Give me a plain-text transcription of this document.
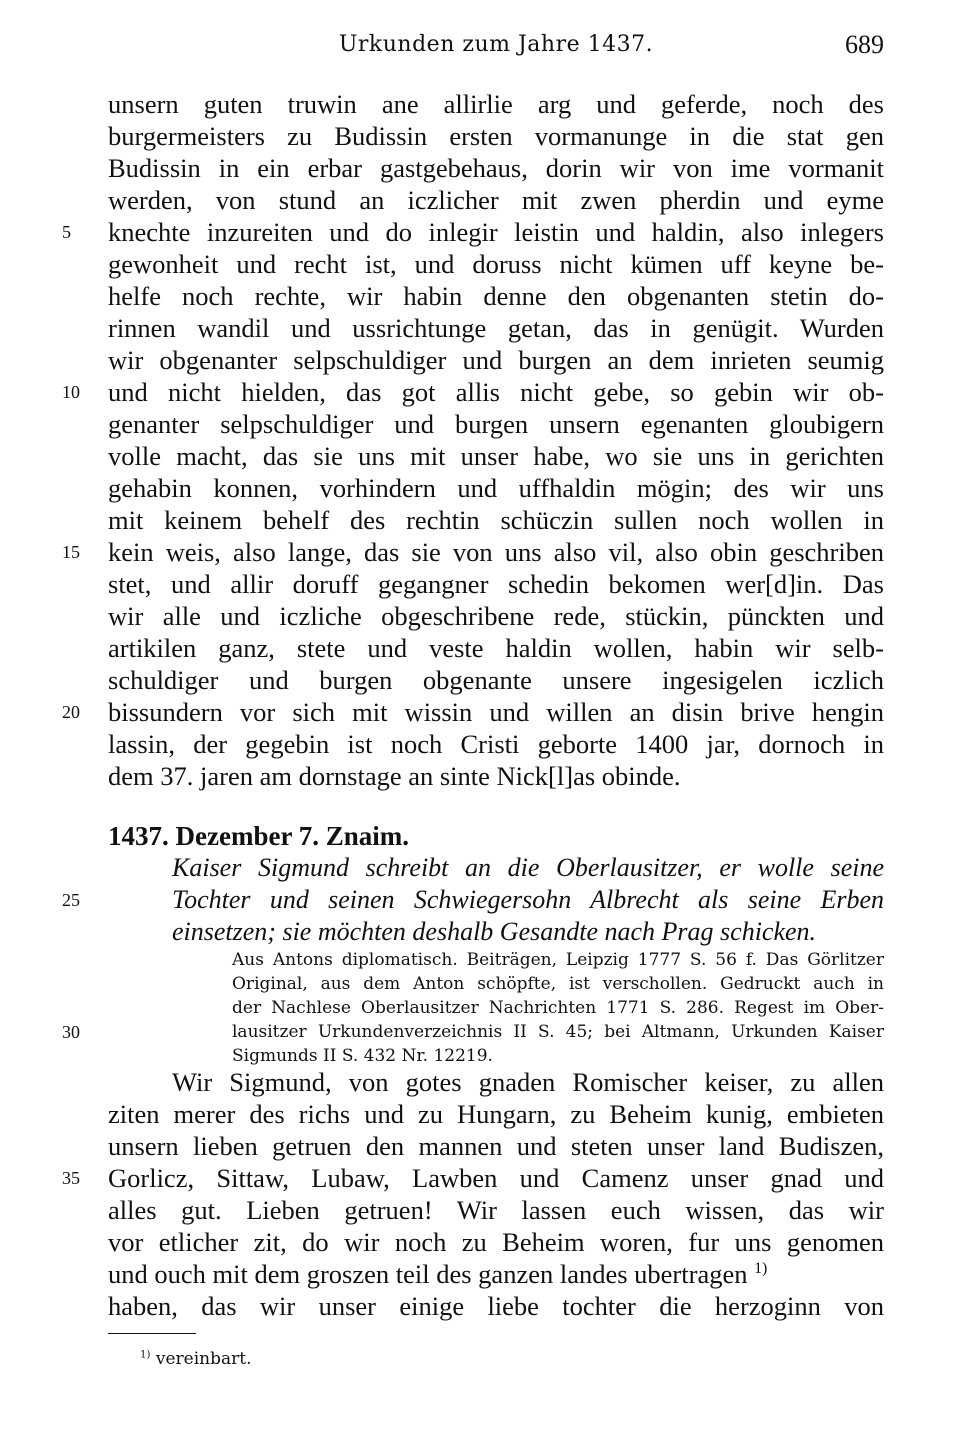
Urkunden zum Jahre 1437.	689
unsern guten truwin ane allirlie arg und geferde, noch des
burgermeisters zu Budissin ersten vormanunge in die stat gen
Budissin in ein erbar gastgebehaus, dorin wir von ime vormanit
werden, von stund an iczlicher mit zwen pherdin und eyme
knechte inzureiten und do inlegir leistin und haldin, also inlegers
gewonheit und recht ist, und doruss nicht kümen uff keyne be-
helfe noch rechte, wir habin denne den obgenanten stetin do-
rinnen wandil und ussrichtunge getan, das in genügit. Wurden
wir obgenanter selpschuldiger und burgen an dem inrieten seumig
und nicht hielden, das got allis nicht gebe, so gebin wir ob-
genanter selpschuldiger und burgen unsern egenanten gloubigern
volle macht, das sie uns mit unser habe, wo sie uns in gerichten
gehabin konnen, vorhindern und uffhaldin mögin; des wir uns
mit keinem behelf des rechtin schüczin sullen noch wollen in
kein weis, also lange, das sie von uns also vil, also obin geschriben
stet, und allir doruff gegangner schedin bekomen wer[d]in. Das
wir alle und iczliche obgeschribene rede, stückin, pünckten und
artikilen ganz, stete und veste haldin wollen, habin wir selb-
schuldiger und burgen obgenante unsere ingesigelen iczlich
bissundern vor sich mit wissin und willen an disin brive hengin
lassin, der gegebin ist noch Cristi geborte 1400 jar, dornoch in
dem 37. jaren am dornstage an sinte Nick[l]as obinde.
1437. Dezember 7. Znaim.
Kaiser Sigmund schreibt an die Oberlausitzer, er wolle seine
Tochter und seinen Schwiegersohn Albrecht als seine Erben
einsetzen; sie möchten deshalb Gesandte nach Prag schicken.
Aus Antons diplomatisch. Beiträgen, Leipzig 1777 S. 56 f. Das Görlitzer
Original, aus dem Anton schöpfte, ist verschollen. Gedruckt auch in
der Nachlese Oberlausitzer Nachrichten 1771 S. 286. Regest im Ober-
lausitzer Urkundenverzeichnis II S. 45; bei Altmann, Urkunden Kaiser
Sigmunds II S. 432 Nr. 12219.
Wir Sigmund, von gotes gnaden Romischer keiser, zu allen
ziten merer des richs und zu Hungarn, zu Beheim kunig, embieten
unsern lieben getruen den mannen und steten unser land Budiszen,
Gorlicz, Sittaw, Lubaw, Lawben und Camenz unser gnad und
alles gut. Lieben getruen! Wir lassen euch wissen, das wir
vor etlicher zit, do wir noch zu Beheim woren, fur uns genomen
und ouch mit dem groszen teil des ganzen landes ubertragen $^{1)}$
haben, das wir unser einige liebe tochter die herzoginn von
5
10
15
20
25
30
35
$^{1)}$ vereinbart.
